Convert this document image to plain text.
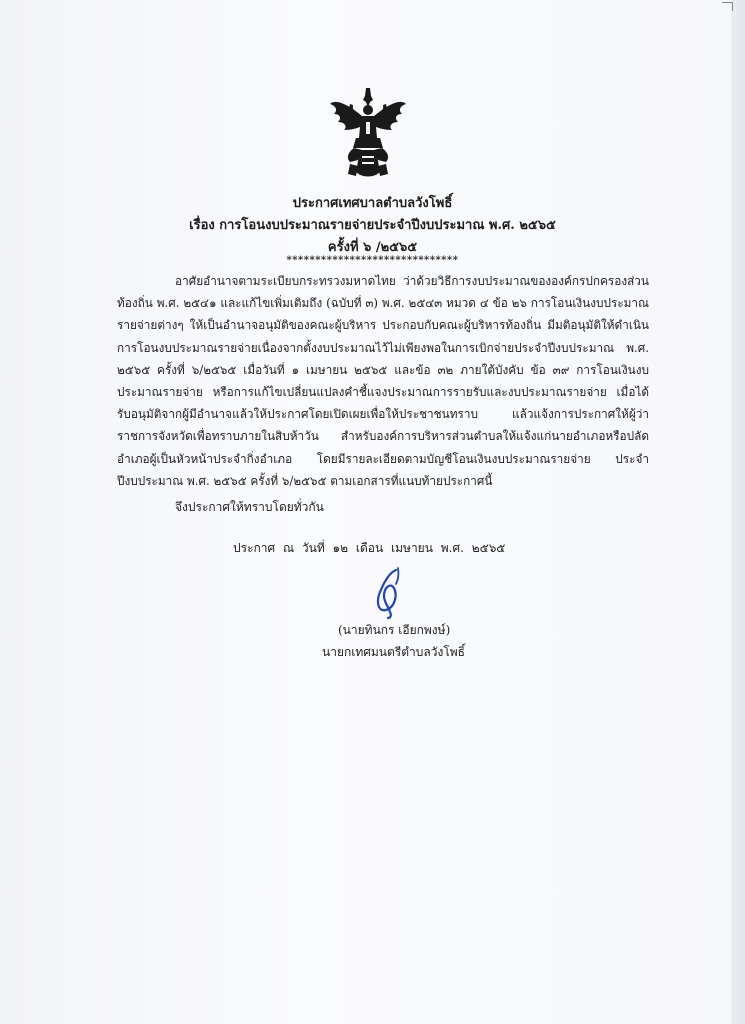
ประกาศเทศบาลตำบลวังโพธิ์
เรื่อง การโอนงบประมาณรายจ่ายประจำปีงบประมาณ พ.ศ. ๒๕๖๕
ครั้งที่ ๖ /๒๕๖๕
******************************

อาศัยอำนาจตามระเบียบกระทรวงมหาดไทย ว่าด้วยวิธีการงบประมาณขององค์กรปกครองส่วนท้องถิ่น พ.ศ. ๒๕๔๑ และแก้ไขเพิ่มเติมถึง (ฉบับที่ ๓) พ.ศ. ๒๕๔๓ หมวด ๔ ข้อ ๒๖ การโอนเงินงบประมาณรายจ่ายต่างๆ ให้เป็นอำนาจอนุมัติของคณะผู้บริหาร ประกอบกับคณะผู้บริหารท้องถิ่น มีมติอนุมัติให้ดำเนินการโอนงบประมาณรายจ่ายเนื่องจากตั้งงบประมาณไว้ไม่เพียงพอในการเบิกจ่ายประจำปีงบประมาณ พ.ศ. ๒๕๖๕ ครั้งที่ ๖/๒๕๖๕ เมื่อวันที่ ๑ เมษายน ๒๕๖๕ และข้อ ๓๒ ภายใต้บังคับ ข้อ ๓๙ การโอนเงินงบประมาณรายจ่าย หรือการแก้ไขเปลี่ยนแปลงคำชี้แจงประมาณการรายรับและงบประมาณรายจ่าย เมื่อได้รับอนุมัติจากผู้มีอำนาจแล้วให้ประกาศโดยเปิดเผยเพื่อให้ประชาชนทราบ แล้วแจ้งการประกาศให้ผู้ว่าราชการจังหวัดเพื่อทราบภายในสิบห้าวัน สำหรับองค์การบริหารส่วนตำบลให้แจ้งแก่นายอำเภอหรือปลัดอำเภอผู้เป็นหัวหน้าประจำกิ่งอำเภอ โดยมีรายละเอียดตามบัญชีโอนเงินงบประมาณรายจ่าย ประจำปีงบประมาณ พ.ศ. ๒๕๖๕ ครั้งที่ ๖/๒๕๖๕ ตามเอกสารที่แนบท้ายประกาศนี้

จึงประกาศให้ทราบโดยทั่วกัน
ประกาศ ณ วันที่ ๑๒ เดือน เมษายน พ.ศ. ๒๕๖๕
(นายทินกร เอียกพงษ์)
นายกเทศมนตรีตำบลวังโพธิ์
